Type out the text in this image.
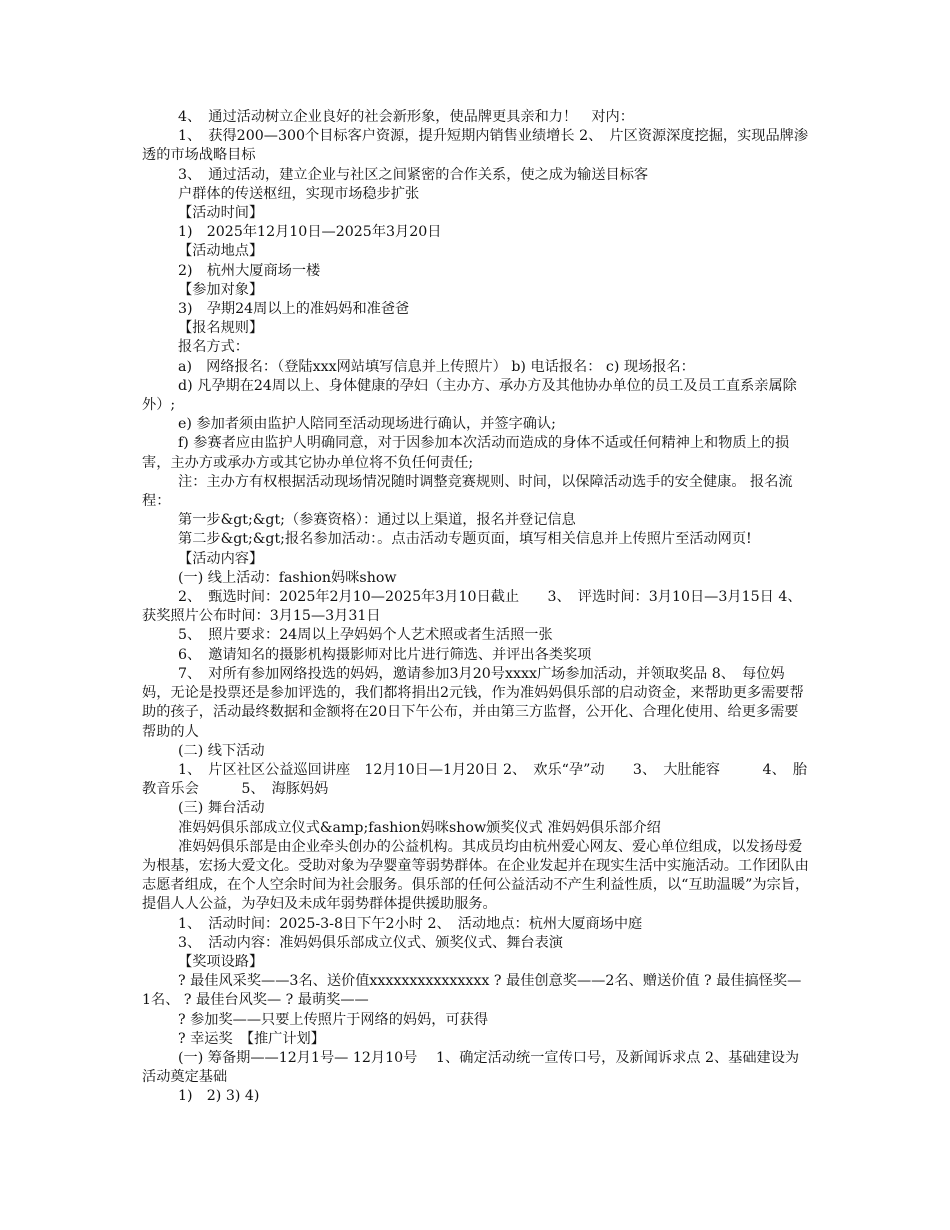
4、　通过活动树立企业良好的社会新形象，使品牌更具亲和力！　对内：

1、　获得200—300个目标客户资源，提升短期内销售业绩增长 2、　片区资源深度挖掘，实现品牌渗透的市场战略目标

3、　通过活动，建立企业与社区之间紧密的合作关系，使之成为输送目标客

户群体的传送枢纽，实现市场稳步扩张

【活动时间】

1)　2025年12月10日—2025年3月20日

【活动地点】

2)　杭州大厦商场一楼

【参加对象】

3)　孕期24周以上的准妈妈和准爸爸

【报名规则】

报名方式：

a)　网络报名：（登陆xxx网站填写信息并上传照片） b) 电话报名： c) 现场报名：

d) 凡孕期在24周以上、身体健康的孕妇（主办方、承办方及其他协办单位的员工及员工直系亲属除外）;

e) 参加者须由监护人陪同至活动现场进行确认，并签字确认;

f) 参赛者应由监护人明确同意，对于因参加本次活动而造成的身体不适或任何精神上和物质上的损害，主办方或承办方或其它协办单位将不负任何责任;

注：主办方有权根据活动现场情况随时调整竞赛规则、时间，以保障活动选手的安全健康。 报名流程：

第一步&gt;&gt;（参赛资格）：通过以上渠道，报名并登记信息

第二步&gt;&gt;报名参加活动：。点击活动专题页面，填写相关信息并上传照片至活动网页!

【活动内容】

(一) 线上活动：fashion妈咪show

2、　甄选时间：2025年2月10—2025年3月10日截止　　3、　评选时间：3月10日—3月15日 4、　获奖照片公布时间：3月15—3月31日

5、　照片要求：24周以上孕妈妈个人艺术照或者生活照一张

6、　邀请知名的摄影机构摄影师对比片进行筛选、并评出各类奖项

7、　对所有参加网络投选的妈妈，邀请参加3月20号xxxx广场参加活动，并领取奖品 8、　每位妈妈，无论是投票还是参加评选的，我们都将捐出2元钱，作为准妈妈俱乐部的启动资金，来帮助更多需要帮助的孩子，活动最终数据和金额将在20日下午公布，并由第三方监督，公开化、合理化使用、给更多需要帮助的人

(二) 线下活动

1、　片区社区公益巡回讲座　12月10日—1月20日 2、　欢乐“孕”动　　3、　大肚能容　　　4、　胎教音乐会　　　5、　海豚妈妈

(三) 舞台活动

准妈妈俱乐部成立仪式&amp;fashion妈咪show颁奖仪式 准妈妈俱乐部介绍

准妈妈俱乐部是由企业牵头创办的公益机构。其成员均由杭州爱心网友、爱心单位组成，以发扬母爱为根基，宏扬大爱文化。受助对象为孕婴童等弱势群体。在企业发起并在现实生活中实施活动。工作团队由志愿者组成，在个人空余时间为社会服务。俱乐部的任何公益活动不产生利益性质，以“互助温暖”为宗旨，提倡人人公益，为孕妇及未成年弱势群体提供援助服务。

1、　活动时间：2025-3-8日下午2小时 2、　活动地点：杭州大厦商场中庭

3、　活动内容：准妈妈俱乐部成立仪式、颁奖仪式、舞台表演

【奖项设路】

? 最佳风采奖——3名、送价值xxxxxxxxxxxxxxx ? 最佳创意奖——2名、赠送价值 ? 最佳搞怪奖—1名、 ? 最佳台风奖— ? 最萌奖——

? 参加奖——只要上传照片于网络的妈妈，可获得

? 幸运奖　【推广计划】

(一) 筹备期——12月1号— 12月10号　 1、确定活动统一宣传口号，及新闻诉求点 2、基础建设为活动奠定基础

1)　2) 3) 4)
